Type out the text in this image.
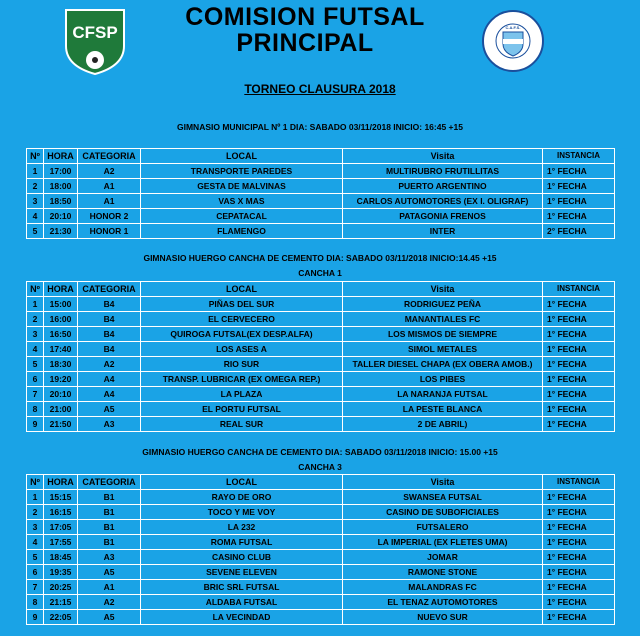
CFSP
COMISION FUTSAL
PRINCIPAL
C.A.F.S.
TORNEO CLAUSURA 2018
GIMNASIO MUNICIPAL Nº 1 DIA: SABADO 03/11/2018 INICIO: 16:45 +15
Nº	HORA	CATEGORIA	LOCAL	Visita	INSTANCIA
1	17:00	A2	TRANSPORTE PAREDES	MULTIRUBRO FRUTILLITAS	1° FECHA
2	18:00	A1	GESTA DE MALVINAS	PUERTO ARGENTINO	1° FECHA
3	18:50	A1	VAS X MAS	CARLOS AUTOMOTORES (EX I. OLIGRAF)	1° FECHA
4	20:10	HONOR 2	CEPATACAL	PATAGONIA FRENOS	1° FECHA
5	21:30	HONOR 1	FLAMENGO	INTER	2° FECHA
GIMNASIO HUERGO CANCHA DE CEMENTO DIA: SABADO 03/11/2018 INICIO:14.45 +15
CANCHA 1
Nº	HORA	CATEGORIA	LOCAL	Visita	INSTANCIA
1	15:00	B4	PIÑAS DEL SUR	RODRIGUEZ PEÑA	1° FECHA
2	16:00	B4	EL CERVECERO	MANANTIALES FC	1° FECHA
3	16:50	B4	QUIROGA FUTSAL(EX DESP.ALFA)	LOS MISMOS DE SIEMPRE	1° FECHA
4	17:40	B4	LOS ASES A	SIMOL METALES	1° FECHA
5	18:30	A2	RIO SUR	TALLER DIESEL CHAPA (EX OBERA AMOB.)	1° FECHA
6	19:20	A4	TRANSP. LUBRICAR (EX OMEGA REP.)	LOS PIBES	1° FECHA
7	20:10	A4	LA PLAZA	LA NARANJA FUTSAL	1° FECHA
8	21:00	A5	EL PORTU FUTSAL	LA PESTE BLANCA	1° FECHA
9	21:50	A3	REAL SUR	2 DE ABRIL)	1° FECHA
GIMNASIO HUERGO CANCHA DE CEMENTO DIA: SABADO 03/11/2018 INICIO: 15.00 +15
CANCHA 3
Nº	HORA	CATEGORIA	LOCAL	Visita	INSTANCIA
1	15:15	B1	RAYO DE ORO	SWANSEA FUTSAL	1° FECHA
2	16:15	B1	TOCO Y ME VOY	CASINO DE SUBOFICIALES	1° FECHA
3	17:05	B1	LA 232	FUTSALERO	1° FECHA
4	17:55	B1	ROMA FUTSAL	LA IMPERIAL (EX FLETES UMA)	1° FECHA
5	18:45	A3	CASINO CLUB	JOMAR	1° FECHA
6	19:35	A5	SEVENE ELEVEN	RAMONE STONE	1° FECHA
7	20:25	A1	BRIC SRL FUTSAL	MALANDRAS FC	1° FECHA
8	21:15	A2	ALDABA FUTSAL	EL TENAZ AUTOMOTORES	1° FECHA
9	22:05	A5	LA VECINDAD	NUEVO SUR	1° FECHA
